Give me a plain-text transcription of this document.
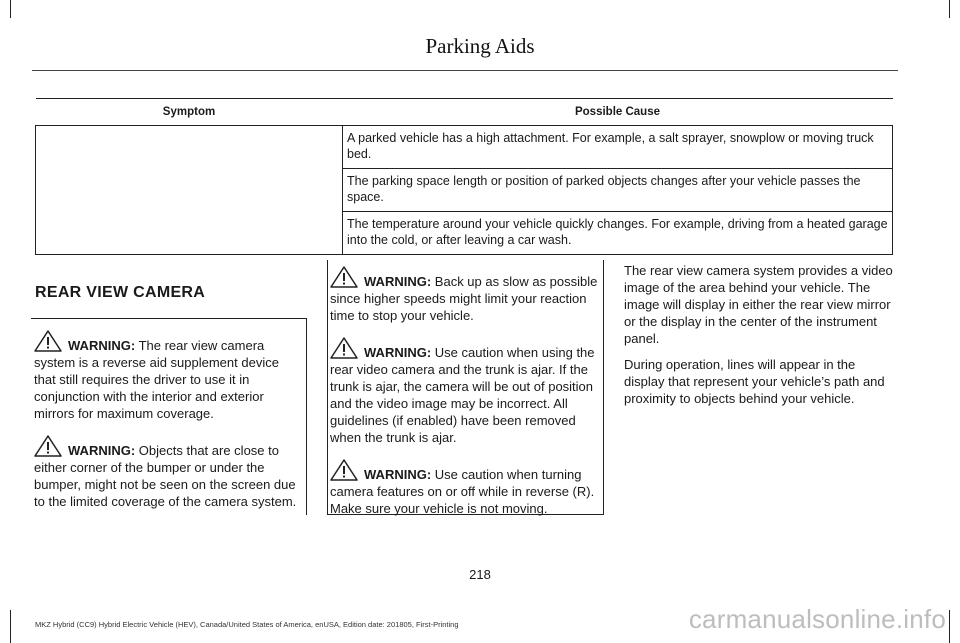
Parking Aids
Symptom	Possible Cause
	A parked vehicle has a high attachment. For example, a salt sprayer, snowplow or moving truck bed.
	The parking space length or position of parked objects changes after your vehicle passes the space.
	The temperature around your vehicle quickly changes. For example, driving from a heated garage into the cold, or after leaving a car wash.
REAR VIEW CAMERA

WARNING: The rear view camera system is a reverse aid supplement device that still requires the driver to use it in conjunction with the interior and exterior mirrors for maximum coverage.

WARNING: Objects that are close to either corner of the bumper or under the bumper, might not be seen on the screen due to the limited coverage of the camera system.

WARNING: Back up as slow as possible since higher speeds might limit your reaction time to stop your vehicle.

WARNING: Use caution when using the rear video camera and the trunk is ajar. If the trunk is ajar, the camera will be out of position and the video image may be incorrect. All guidelines (if enabled) have been removed when the trunk is ajar.

WARNING: Use caution when turning camera features on or off while in reverse (R). Make sure your vehicle is not moving.

The rear view camera system provides a video image of the area behind your vehicle. The image will display in either the rear view mirror or the display in the center of the instrument panel.

During operation, lines will appear in the display that represent your vehicle’s path and proximity to objects behind your vehicle.

218
MKZ Hybrid (CC9) Hybrid Electric Vehicle (HEV), Canada/United States of America, enUSA, Edition date: 201805, First-Printing	carmanualsonline.info
